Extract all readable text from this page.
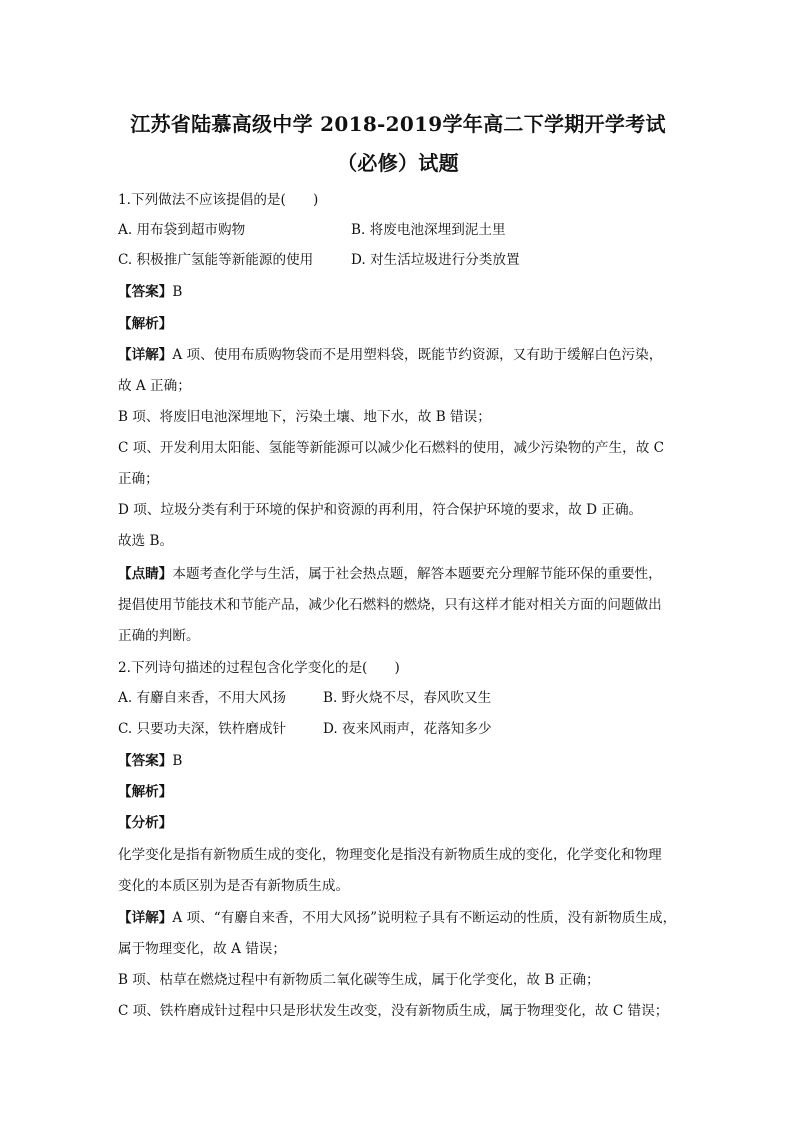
江苏省陆慕高级中学 2018-2019学年高二下学期开学考试
（必修）试题
1.下列做法不应该提倡的是(　　)
A. 用布袋到超市购物	B. 将废电池深埋到泥土里
C. 积极推广氢能等新能源的使用	D. 对生活垃圾进行分类放置
【答案】B
【解析】
【详解】A 项、使用布质购物袋而不是用塑料袋，既能节约资源，又有助于缓解白色污染，
故 A 正确；
B 项、将废旧电池深埋地下，污染土壤、地下水，故 B 错误；
C 项、开发利用太阳能、氢能等新能源可以减少化石燃料的使用，减少污染物的产生，故 C
正确；
D 项、垃圾分类有利于环境的保护和资源的再利用，符合保护环境的要求，故 D 正确。
故选 B。
【点睛】本题考查化学与生活，属于社会热点题，解答本题要充分理解节能环保的重要性，
提倡使用节能技术和节能产品，减少化石燃料的燃烧，只有这样才能对相关方面的问题做出
正确的判断。
2.下列诗句描述的过程包含化学变化的是(　　)
A. 有麝自来香，不用大风扬	B. 野火烧不尽，春风吹又生
C. 只要功夫深，铁杵磨成针	D. 夜来风雨声，花落知多少
【答案】B
【解析】
【分析】
化学变化是指有新物质生成的变化，物理变化是指没有新物质生成的变化，化学变化和物理
变化的本质区别为是否有新物质生成。
【详解】A 项、“有麝自来香，不用大风扬”说明粒子具有不断运动的性质，没有新物质生成，
属于物理变化，故 A 错误；
B 项、枯草在燃烧过程中有新物质二氧化碳等生成，属于化学变化，故 B 正确；
C 项、铁杵磨成针过程中只是形状发生改变，没有新物质生成，属于物理变化，故 C 错误；
